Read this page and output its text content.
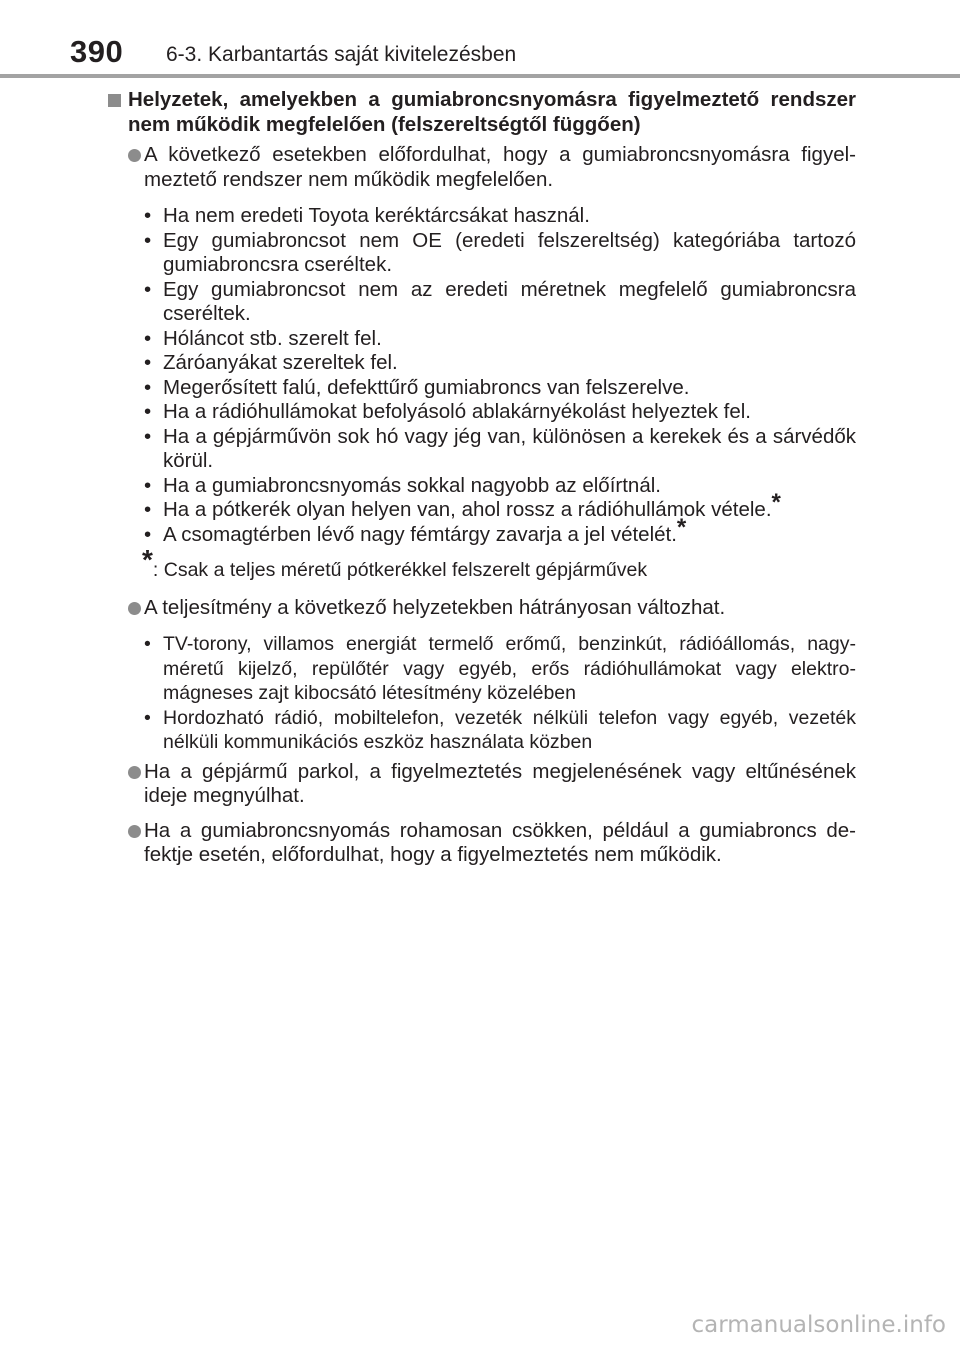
390 6-3. Karbantartás saját kivitelezésben
Helyzetek, amelyekben a gumiabroncsnyomásra figyelmeztető rendszer nem működik megfelelően (felszereltségtől függően)
A következő esetekben előfordulhat, hogy a gumiabroncsnyomásra figyelmeztető rendszer nem működik megfelelően.
• Ha nem eredeti Toyota keréktárcsákat használ.
• Egy gumiabroncsot nem OE (eredeti felszereltség) kategóriába tartozó gumiabroncsra cseréltek.
• Egy gumiabroncsot nem az eredeti méretnek megfelelő gumiabroncsra cseréltek.
• Hóláncot stb. szerelt fel.
• Záróanyákat szereltek fel.
• Megerősített falú, defekttűrő gumiabroncs van felszerelve.
• Ha a rádióhullámokat befolyásoló ablakárnyékolást helyeztek fel.
• Ha a gépjárművön sok hó vagy jég van, különösen a kerekek és a sárvédők körül.
• Ha a gumiabroncsnyomás sokkal nagyobb az előírtnál.
• Ha a pótkerék olyan helyen van, ahol rossz a rádióhullámok vétele.*
• A csomagtérben lévő nagy fémtárgy zavarja a jel vételét.*
*: Csak a teljes méretű pótkerékkel felszerelt gépjárművek
A teljesítmény a következő helyzetekben hátrányosan változhat.
• TV-torony, villamos energiát termelő erőmű, benzinkút, rádióállomás, nagyméretű kijelző, repülőtér vagy egyéb, erős rádióhullámokat vagy elektromágneses zajt kibocsátó létesítmény közelében
• Hordozható rádió, mobiltelefon, vezeték nélküli telefon vagy egyéb, vezeték nélküli kommunikációs eszköz használata közben
Ha a gépjármű parkol, a figyelmeztetés megjelenésének vagy eltűnésének ideje megnyúlhat.
Ha a gumiabroncsnyomás rohamosan csökken, például a gumiabroncs defektje esetén, előfordulhat, hogy a figyelmeztetés nem működik.
carmanualsonline.info
